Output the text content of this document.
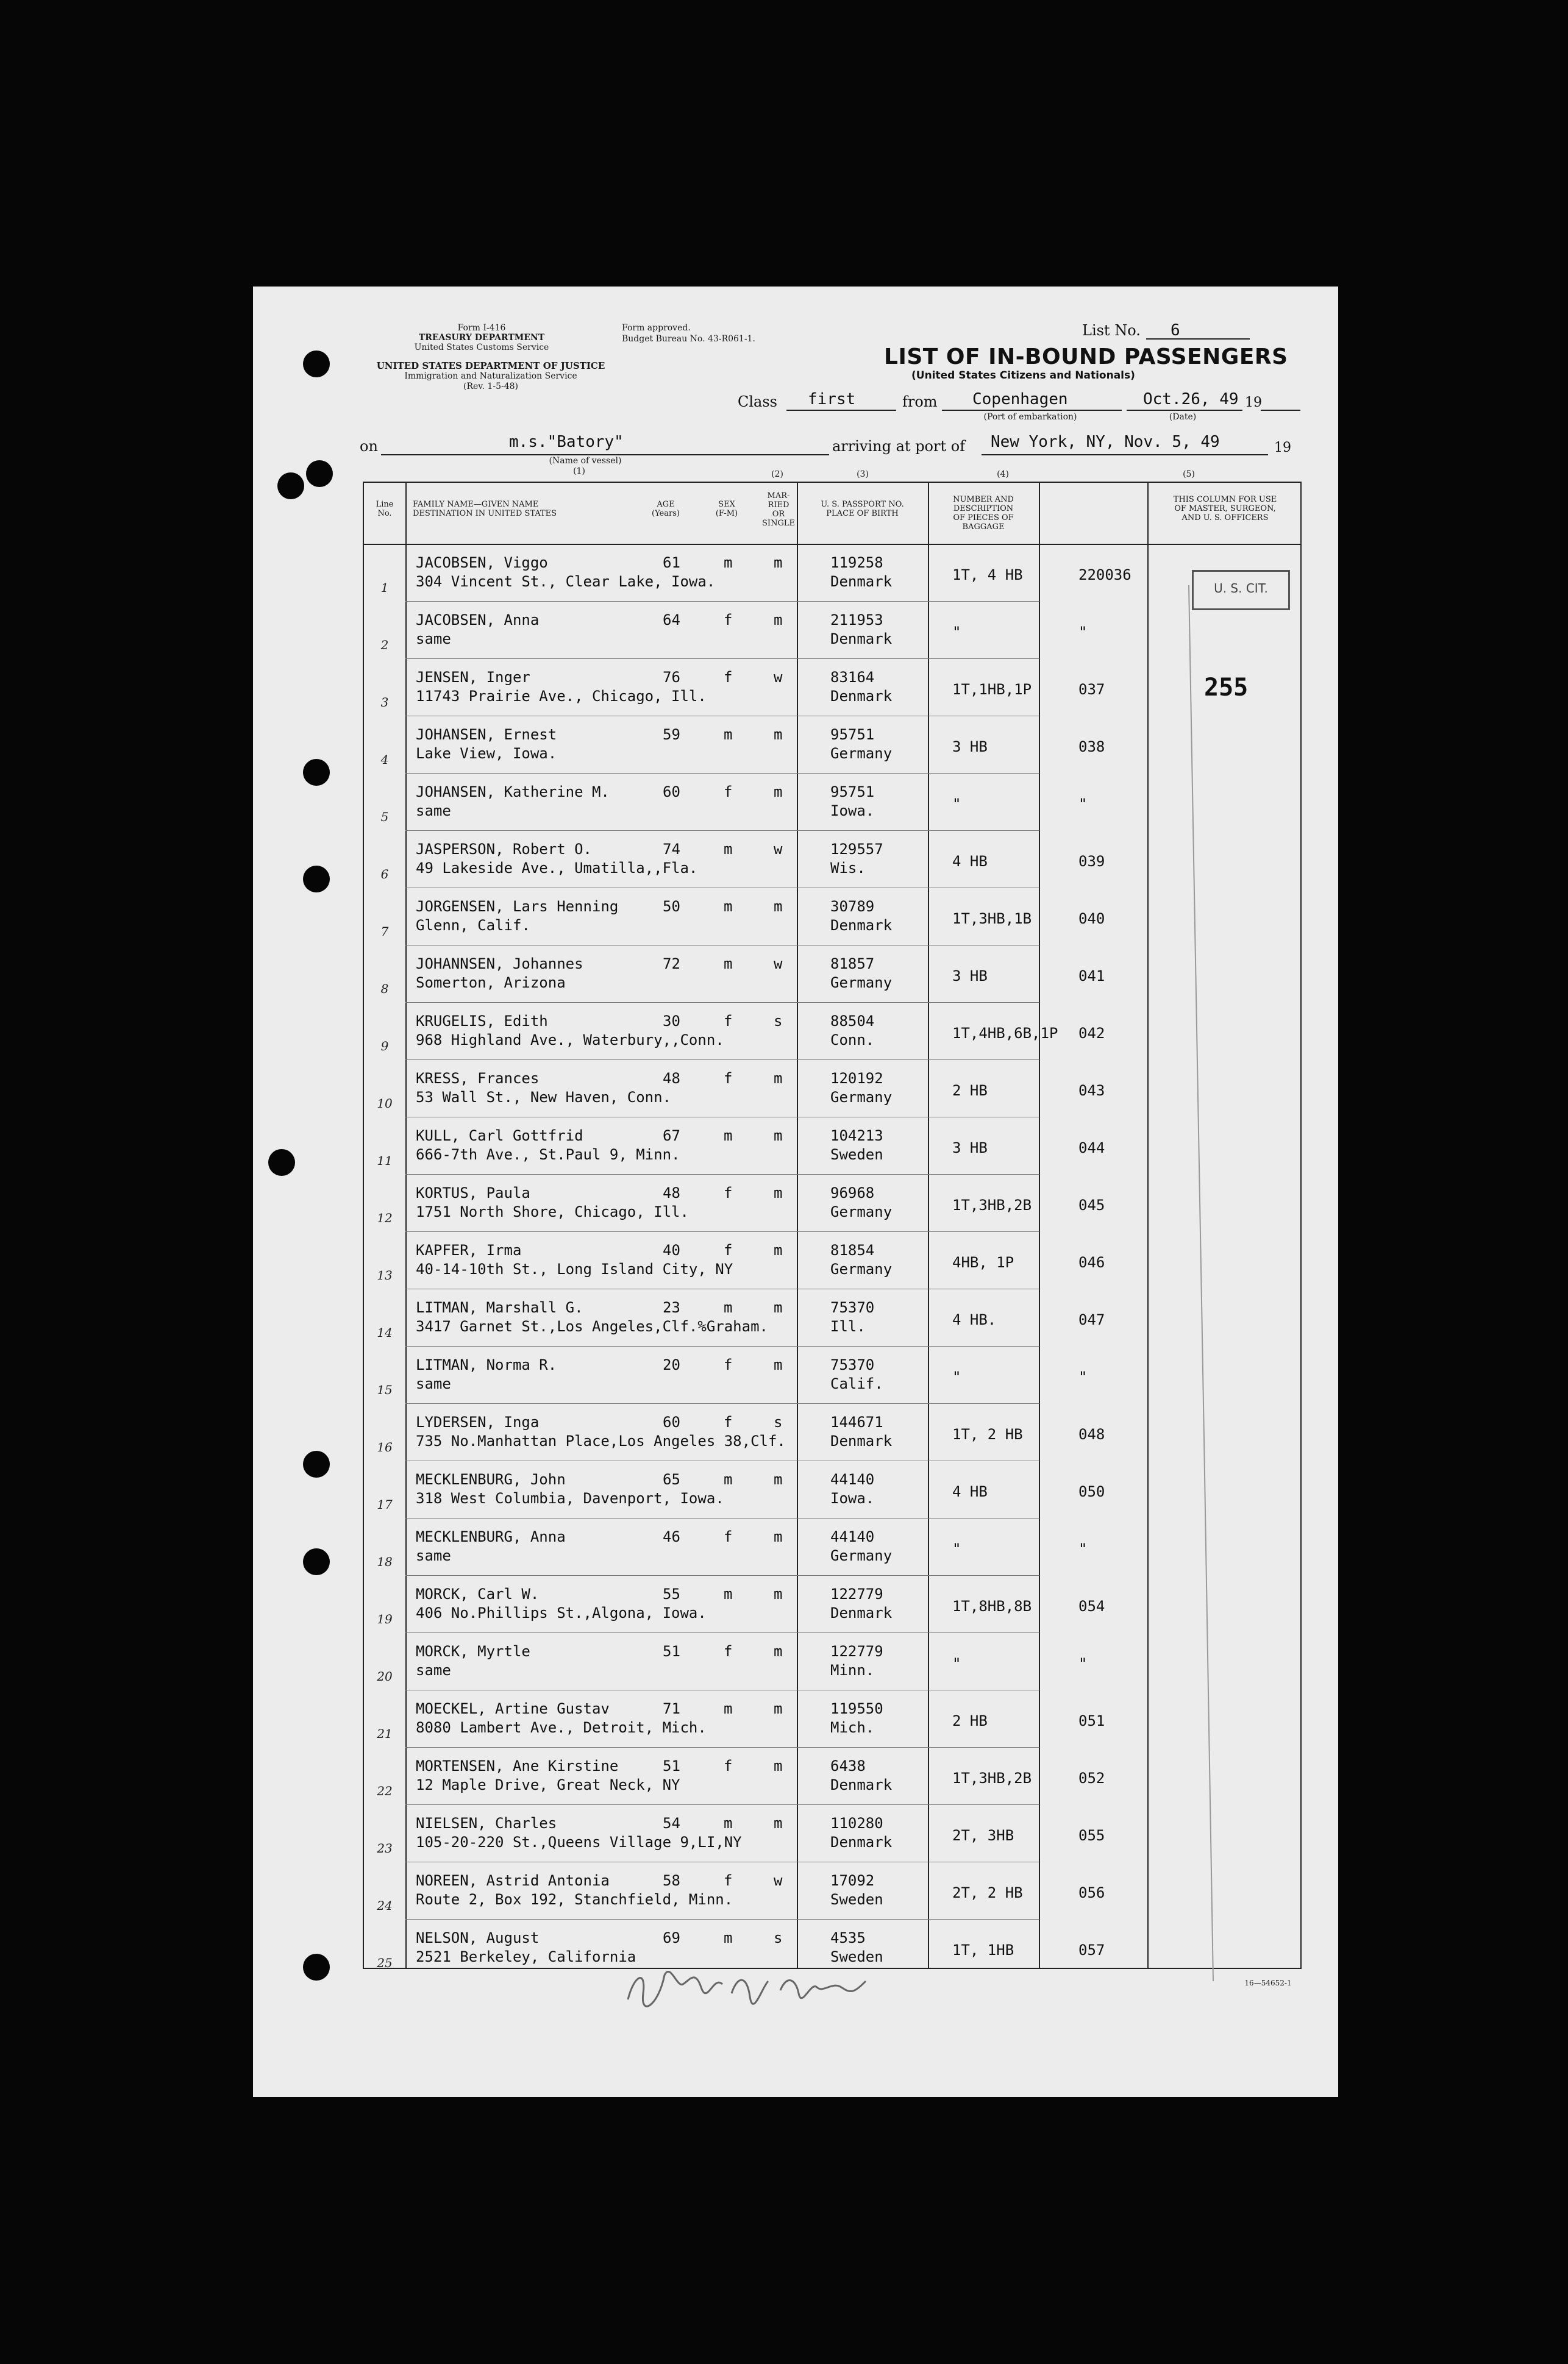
Form I-416
TREASURY DEPARTMENT
United States Customs Service
Form approved.
Budget Bureau No. 43-R061-1.
UNITED STATES DEPARTMENT OF JUSTICE
Immigration and Naturalization Service
(Rev. 1-5-48)
List No. 6
LIST OF IN-BOUND PASSENGERS
(United States Citizens and Nationals)
Class first	from Copenhagen
(Port of embarkation)
Oct.26, 49
(Date)
19
on	m.s."Batory"
(Name of vessel)
arriving at port of New York, NY, Nov. 5, 49	19
(1)	(2)	(3)	(4)	(5)
Line
No.
FAMILY NAME—GIVEN NAME
DESTINATION IN UNITED STATES
AGE
(Years)
SEX
(F-M)
MAR-
RIED
OR
SINGLE
U. S. PASSPORT NO.
PLACE OF BIRTH
NUMBER AND DESCRIPTION
OF PIECES OF
BAGGAGE
THIS COLUMN FOR USE
OF MASTER, SURGEON,
AND U. S. OFFICERS
1
JACOBSEN, Viggo
304 Vincent St., Clear Lake, Iowa.
61	m	m	119258
Denmark	1T, 4 HB	220036
2
JACOBSEN, Anna
same
64	f	m	211953
Denmark	"	"
3
JENSEN, Inger
11743 Prairie Ave., Chicago, Ill.
76	f	w	83164
Denmark	1T,1HB,1P	037
4
JOHANSEN, Ernest
Lake View, Iowa.
59	m	m	95751
Germany	3 HB	038
5
JOHANSEN, Katherine M.
same
60	f	m	95751
Iowa.	"	"
6
JASPERSON, Robert O.
49 Lakeside Ave., Umatilla,,Fla.
74	m	w	129557
Wis.	4 HB	039
7
JORGENSEN, Lars Henning
Glenn, Calif.
50	m	m	30789
Denmark	1T,3HB,1B	040
8
JOHANNSEN, Johannes
Somerton, Arizona
72	m	w	81857
Germany	3 HB	041
9
KRUGELIS, Edith
968 Highland Ave., Waterbury,,Conn.
30	f	s	88504
Conn.	1T,4HB,6B,1P 042
10
KRESS, Frances
53 Wall St., New Haven, Conn.
48	f	m	120192
Germany	2 HB	043
11
KULL, Carl Gottfrid
666-7th Ave., St.Paul 9, Minn.
67	m	m	104213
Sweden	3 HB	044
12
KORTUS, Paula
1751 North Shore, Chicago, Ill.
48	f	m	96968
Germany	1T,3HB,2B	045
13
KAPFER, Irma
40-14-10th St., Long Island City, NY
40	f	m	81854
Germany	4HB, 1P	046
14
LITMAN, Marshall G.
3417 Garnet St.,Los Angeles,Clf.%Graham.
23	m	m	75370
Ill.	4 HB.	047
15
LITMAN, Norma R.
same
20	f	m	75370
Calif.	"	"
16
LYDERSEN, Inga
735 No.Manhattan Place,Los Angeles 38,Clf.
60	f	s	144671
Denmark	1T, 2 HB	048
17
MECKLENBURG, John
318 West Columbia, Davenport, Iowa.
65	m	m	44140
Iowa.	4 HB	050
18
MECKLENBURG, Anna
same
46	f	m	44140
Germany	"	"
19
MORCK, Carl W.
406 No.Phillips St.,Algona, Iowa.
55	m	m	122779
Denmark	1T,8HB,8B	054
20
MORCK, Myrtle
same
51	f	m	122779
Minn.	"	"
21
MOECKEL, Artine Gustav
8080 Lambert Ave., Detroit, Mich.
71	m	m	119550
Mich.	2 HB	051
22
MORTENSEN, Ane Kirstine
12 Maple Drive, Great Neck, NY
51	f	m	6438
Denmark	1T,3HB,2B	052
23
NIELSEN, Charles
105-20-220 St.,Queens Village 9,LI,NY
54	m	m	110280
Denmark	2T, 3HB	055
24
NOREEN, Astrid Antonia
Route 2, Box 192, Stanchfield, Minn.
58	f	w	17092
Sweden	2T, 2 HB	056
25
NELSON, August
2521 Berkeley, California
69	m	s	4535
Sweden	1T, 1HB	057
U. S. CIT.
255
16—54652-1
